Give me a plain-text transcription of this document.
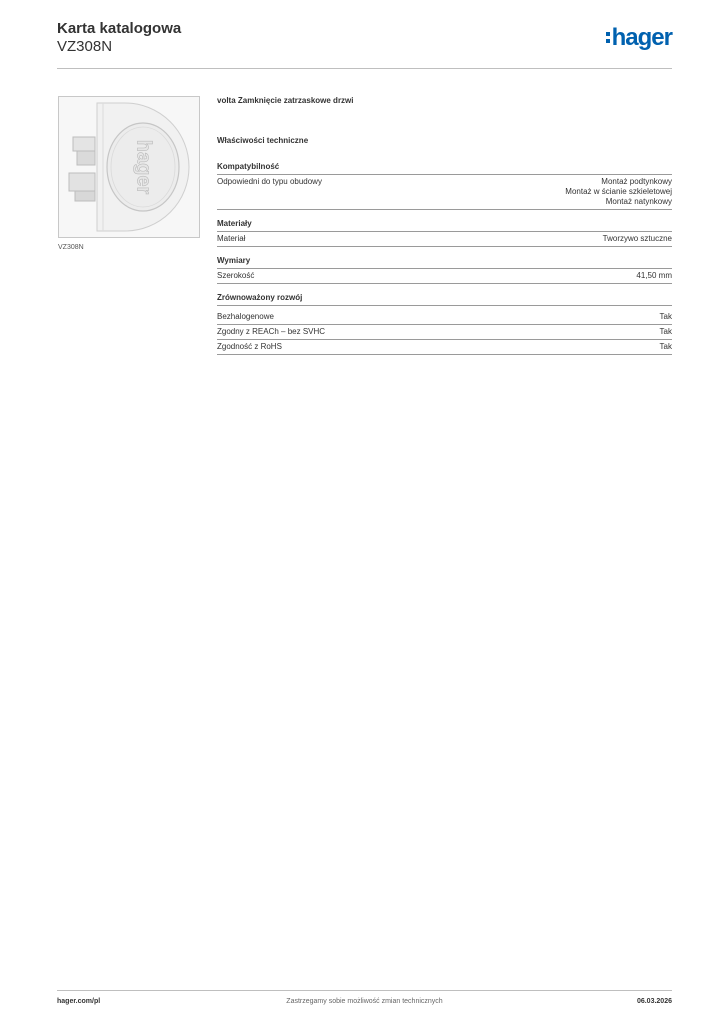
Karta katalogowa
VZ308N	hager
hager
VZ308N
volta Zamknięcie zatrzaskowe drzwi
Właściwości techniczne
Kompatybilność
Odpowiedni do typu obudowy	Montaż podtynkowy
Montaż w ścianie szkieletowej
Montaż natynkowy
Materiały
Materiał	Tworzywo sztuczne
Wymiary
Szerokość	41,50 mm
Zrównoważony rozwój
Bezhalogenowe	Tak
Zgodny z REACh – bez SVHC	Tak
Zgodność z RoHS	Tak
hager.com/pl	Zastrzegamy sobie możliwość zmian technicznych	06.03.2026
